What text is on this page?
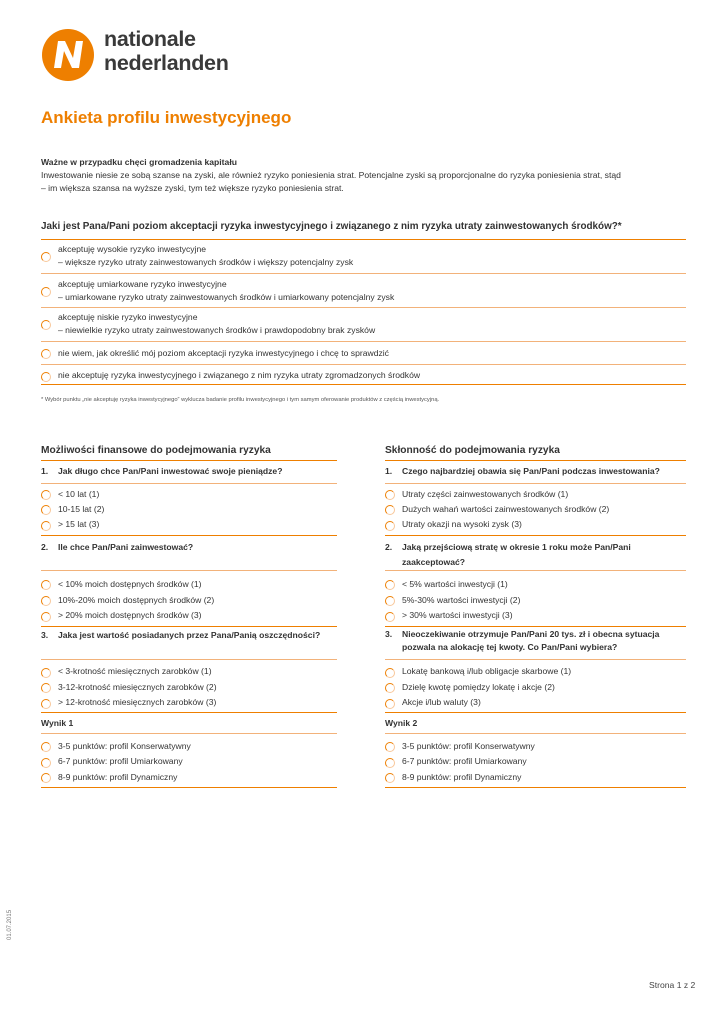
nationale
nederlanden
Ankieta profilu inwestycyjnego
Ważne w przypadku chęci gromadzenia kapitału
Inwestowanie niesie ze sobą szanse na zyski, ale również ryzyko poniesienia strat. Potencjalne zyski są proporcjonalne do ryzyka poniesienia strat, stąd
– im większa szansa na wyższe zyski, tym też większe ryzyko poniesienia strat.
Jaki jest Pana/Pani poziom akceptacji ryzyka inwestycyjnego i związanego z nim ryzyka utraty zainwestowanych środków?*
akceptuję wysokie ryzyko inwestycyjne
– większe ryzyko utraty zainwestowanych środków i większy potencjalny zysk
akceptuję umiarkowane ryzyko inwestycyjne
– umiarkowane ryzyko utraty zainwestowanych środków i umiarkowany potencjalny zysk
akceptuję niskie ryzyko inwestycyjne
– niewielkie ryzyko utraty zainwestowanych środków i prawdopodobny brak zysków
nie wiem, jak określić mój poziom akceptacji ryzyka inwestycyjnego i chcę to sprawdzić
nie akceptuję ryzyka inwestycyjnego i związanego z nim ryzyka utraty zgromadzonych środków
* Wybór punktu „nie akceptuję ryzyka inwestycyjnego” wyklucza badanie profilu inwestycyjnego i tym samym oferowanie produktów z częścią inwestycyjną.
Możliwości finansowe do podejmowania ryzyka
1. Jak długo chce Pan/Pani inwestować swoje pieniądze?
< 10 lat (1)
10-15 lat (2)
> 15 lat (3)
2. Ile chce Pan/Pani zainwestować?
< 10% moich dostępnych środków (1)
10%-20% moich dostępnych środków (2)
> 20% moich dostępnych środków (3)
3. Jaka jest wartość posiadanych przez Pana/Panią oszczędności?
< 3-krotność miesięcznych zarobków (1)
3-12-krotność miesięcznych zarobków (2)
> 12-krotność miesięcznych zarobków (3)
Wynik 1
3-5 punktów: profil Konserwatywny
6-7 punktów: profil Umiarkowany
8-9 punktów: profil Dynamiczny
Skłonność do podejmowania ryzyka
1. Czego najbardziej obawia się Pan/Pani podczas inwestowania?
Utraty części zainwestowanych środków (1)
Dużych wahań wartości zainwestowanych środków (2)
Utraty okazji na wysoki zysk (3)
2. Jaką przejściową stratę w okresie 1 roku może Pan/Pani
zaakceptować?
< 5% wartości inwestycji (1)
5%-30% wartości inwestycji (2)
> 30% wartości inwestycji (3)
3. Nieoczekiwanie otrzymuje Pan/Pani 20 tys. zł i obecna sytuacja
pozwala na alokację tej kwoty. Co Pan/Pani wybiera?
Lokatę bankową i/lub obligacje skarbowe (1)
Dzielę kwotę pomiędzy lokatę i akcje (2)
Akcje i/lub waluty (3)
Wynik 2
3-5 punktów: profil Konserwatywny
6-7 punktów: profil Umiarkowany
8-9 punktów: profil Dynamiczny
01.07.2015
Strona 1 z 2
